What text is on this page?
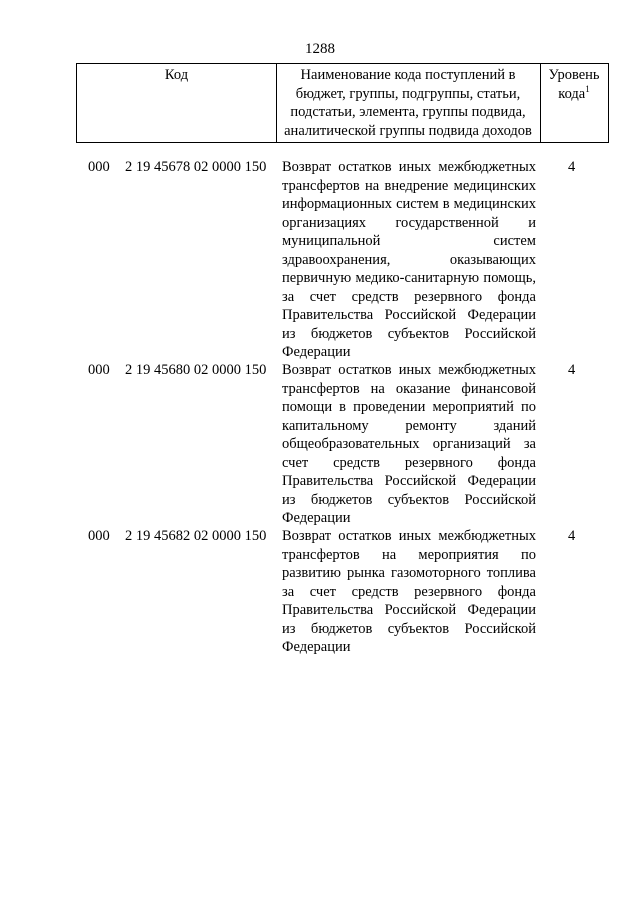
1288
Код	Наименование кода поступлений в бюджет, группы, подгруппы, статьи, подстатьи, элемента, группы подвида, аналитической группы подвида доходов
Уровень кода$^1$
000 2 19 45678 02 0000 150 Возврат остатков иных межбюджетных трансфертов на внедрение медицинских информационных систем в медицинских организациях государственной и муниципальной систем здравоохранения, оказывающих первичную медико-санитарную помощь, за счет средств резервного фонда Правительства Российской Федерации из бюджетов субъектов Российской Федерации
4
000 2 19 45680 02 0000 150 Возврат остатков иных межбюджетных трансфертов на оказание финансовой помощи в проведении мероприятий по капитальному ремонту зданий общеобразовательных организаций за счет средств резервного фонда Правительства Российской Федерации из бюджетов субъектов Российской Федерации
4
000 2 19 45682 02 0000 150 Возврат остатков иных межбюджетных трансфертов на мероприятия по развитию рынка газомоторного топлива за счет средств резервного фонда Правительства Российской Федерации из бюджетов субъектов Российской Федерации
4
